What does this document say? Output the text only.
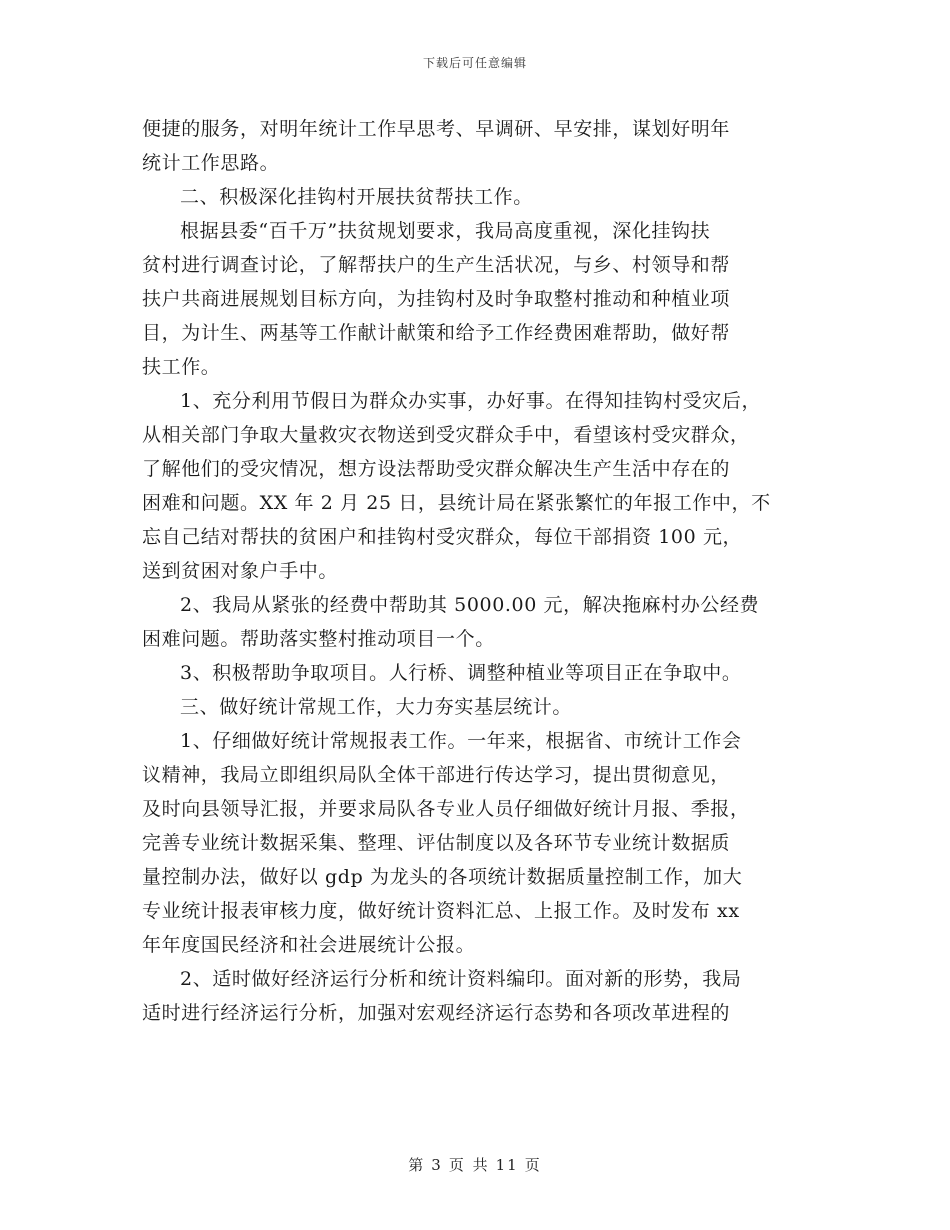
下载后可任意编辑
便捷的服务，对明年统计工作早思考、早调研、早安排，谋划好明年
统计工作思路。
二、积极深化挂钩村开展扶贫帮扶工作。
根据县委“百千万”扶贫规划要求，我局高度重视，深化挂钩扶
贫村进行调查讨论，了解帮扶户的生产生活状况，与乡、村领导和帮
扶户共商进展规划目标方向，为挂钩村及时争取整村推动和种植业项
目，为计生、两基等工作献计献策和给予工作经费困难帮助，做好帮
扶工作。
1、充分利用节假日为群众办实事，办好事。在得知挂钩村受灾后，
从相关部门争取大量救灾衣物送到受灾群众手中，看望该村受灾群众，
了解他们的受灾情况，想方设法帮助受灾群众解决生产生活中存在的
困难和问题。XX 年 2 月 25 日，县统计局在紧张繁忙的年报工作中，不
忘自己结对帮扶的贫困户和挂钩村受灾群众，每位干部捐资 100 元，
送到贫困对象户手中。
2、我局从紧张的经费中帮助其 5000.00 元，解决拖麻村办公经费
困难问题。帮助落实整村推动项目一个。
3、积极帮助争取项目。人行桥、调整种植业等项目正在争取中。
三、做好统计常规工作，大力夯实基层统计。
1、仔细做好统计常规报表工作。一年来，根据省、市统计工作会
议精神，我局立即组织局队全体干部进行传达学习，提出贯彻意见，
及时向县领导汇报，并要求局队各专业人员仔细做好统计月报、季报，
完善专业统计数据采集、整理、评估制度以及各环节专业统计数据质
量控制办法，做好以 gdp 为龙头的各项统计数据质量控制工作，加大
专业统计报表审核力度，做好统计资料汇总、上报工作。及时发布 xx
年年度国民经济和社会进展统计公报。
2、适时做好经济运行分析和统计资料编印。面对新的形势，我局
适时进行经济运行分析，加强对宏观经济运行态势和各项改革进程的
第 3 页 共 11 页
